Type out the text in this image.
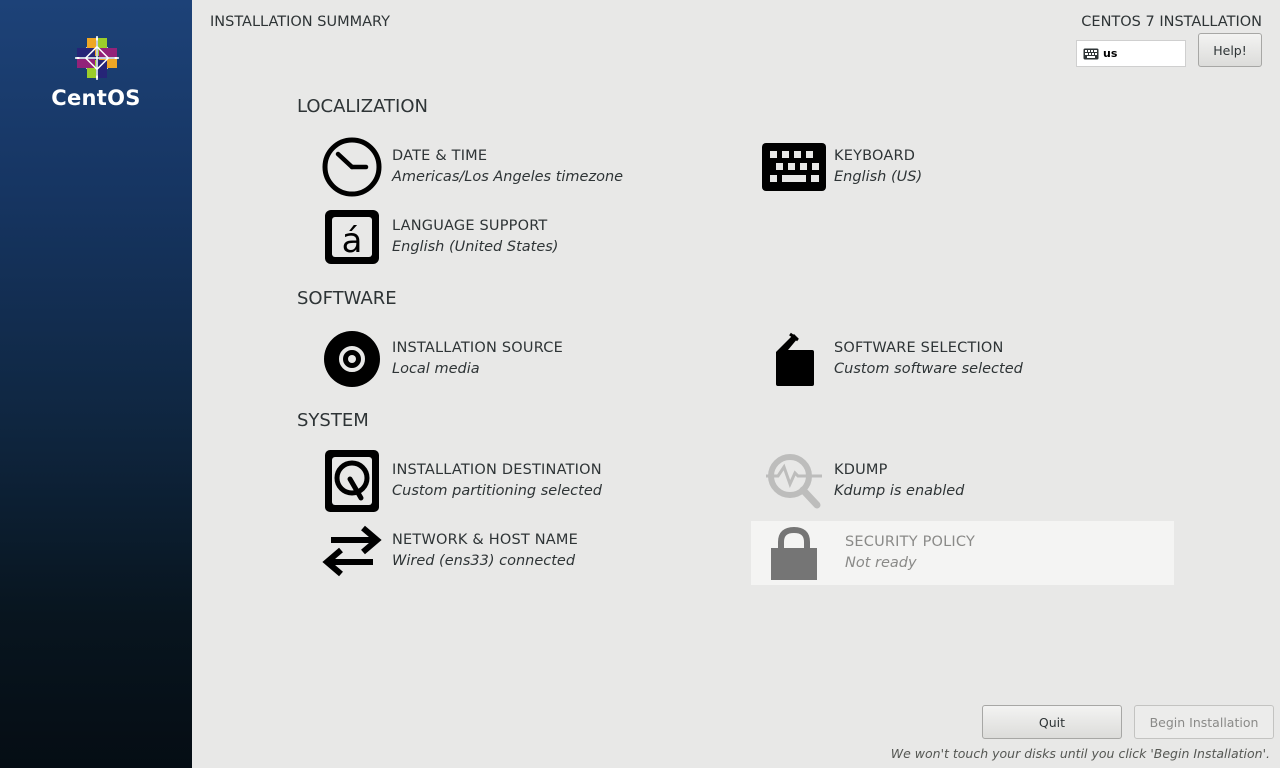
CentOS
INSTALLATION SUMMARY	CENTOS 7 INSTALLATION
us	Help!
LOCALIZATION
DATE & TIME
Americas/Los Angeles timezone
KEYBOARD
English (US)
á LANGUAGE SUPPORT
English (United States)
SOFTWARE
INSTALLATION SOURCE
Local media
SOFTWARE SELECTION
Custom software selected
SYSTEM
INSTALLATION DESTINATION
Custom partitioning selected
KDUMP
Kdump is enabled
NETWORK & HOST NAME
Wired (ens33) connected
SECURITY POLICY
Not ready
Quit	Begin Installation
We won't touch your disks until you click 'Begin Installation'.
